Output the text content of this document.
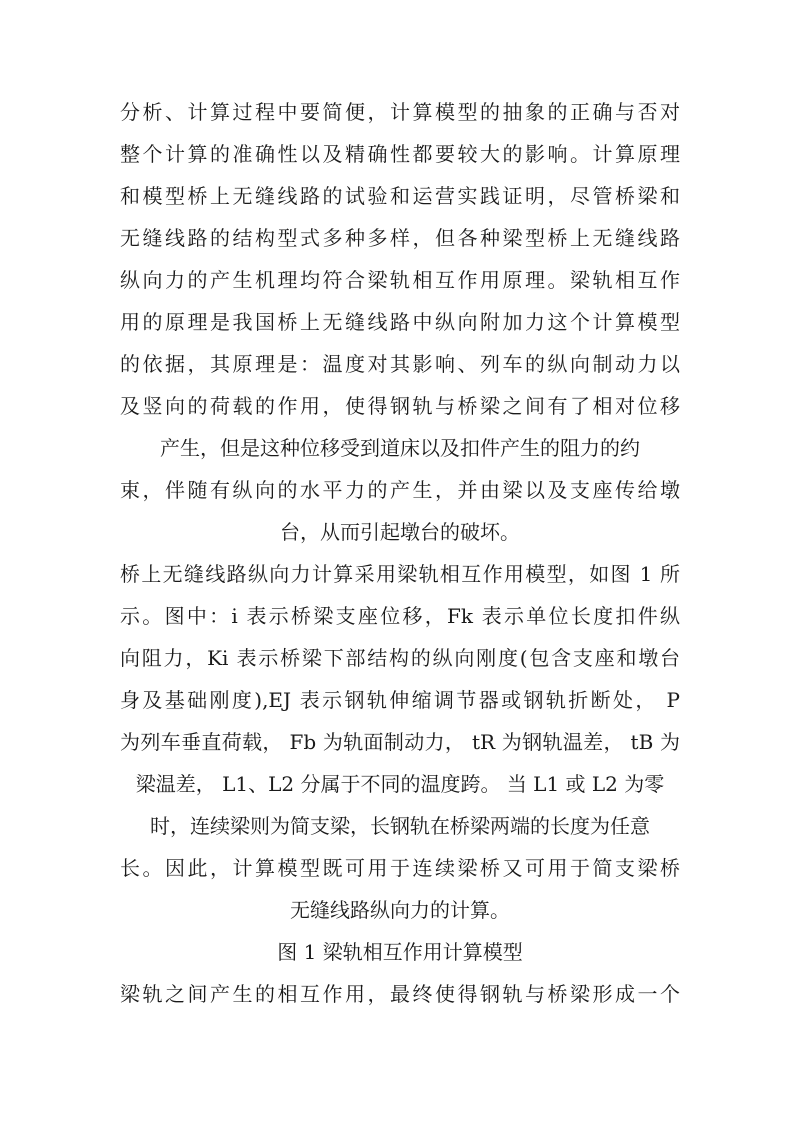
分析、计算过程中要简便，计算模型的抽象的正确与否对
整个计算的准确性以及精确性都要较大的影响。计算原理
和模型桥上无缝线路的试验和运营实践证明，尽管桥梁和
无缝线路的结构型式多种多样，但各种梁型桥上无缝线路
纵向力的产生机理均符合梁轨相互作用原理。梁轨相互作
用的原理是我国桥上无缝线路中纵向附加力这个计算模型
的依据，其原理是：温度对其影响、列车的纵向制动力以
及竖向的荷载的作用，使得钢轨与桥梁之间有了相对位移
产生，但是这种位移受到道床以及扣件产生的阻力的约
束，伴随有纵向的水平力的产生，并由梁以及支座传给墩
台，从而引起墩台的破坏。
桥上无缝线路纵向力计算采用梁轨相互作用模型，如图 1 所
示。图中：i 表示桥梁支座位移，Fk 表示单位长度扣件纵
向阻力，Ki 表示桥梁下部结构的纵向刚度(包含支座和墩台
身及基础刚度),EJ 表示钢轨伸缩调节器或钢轨折断处， P
为列车垂直荷载， Fb 为轨面制动力， tR 为钢轨温差， tB 为
梁温差， L1、L2 分属于不同的温度跨。 当 L1 或 L2 为零
时，连续梁则为简支梁，长钢轨在桥梁两端的长度为任意
长。因此，计算模型既可用于连续梁桥又可用于简支梁桥
无缝线路纵向力的计算。
图 1 梁轨相互作用计算模型
梁轨之间产生的相互作用，最终使得钢轨与桥梁形成一个
